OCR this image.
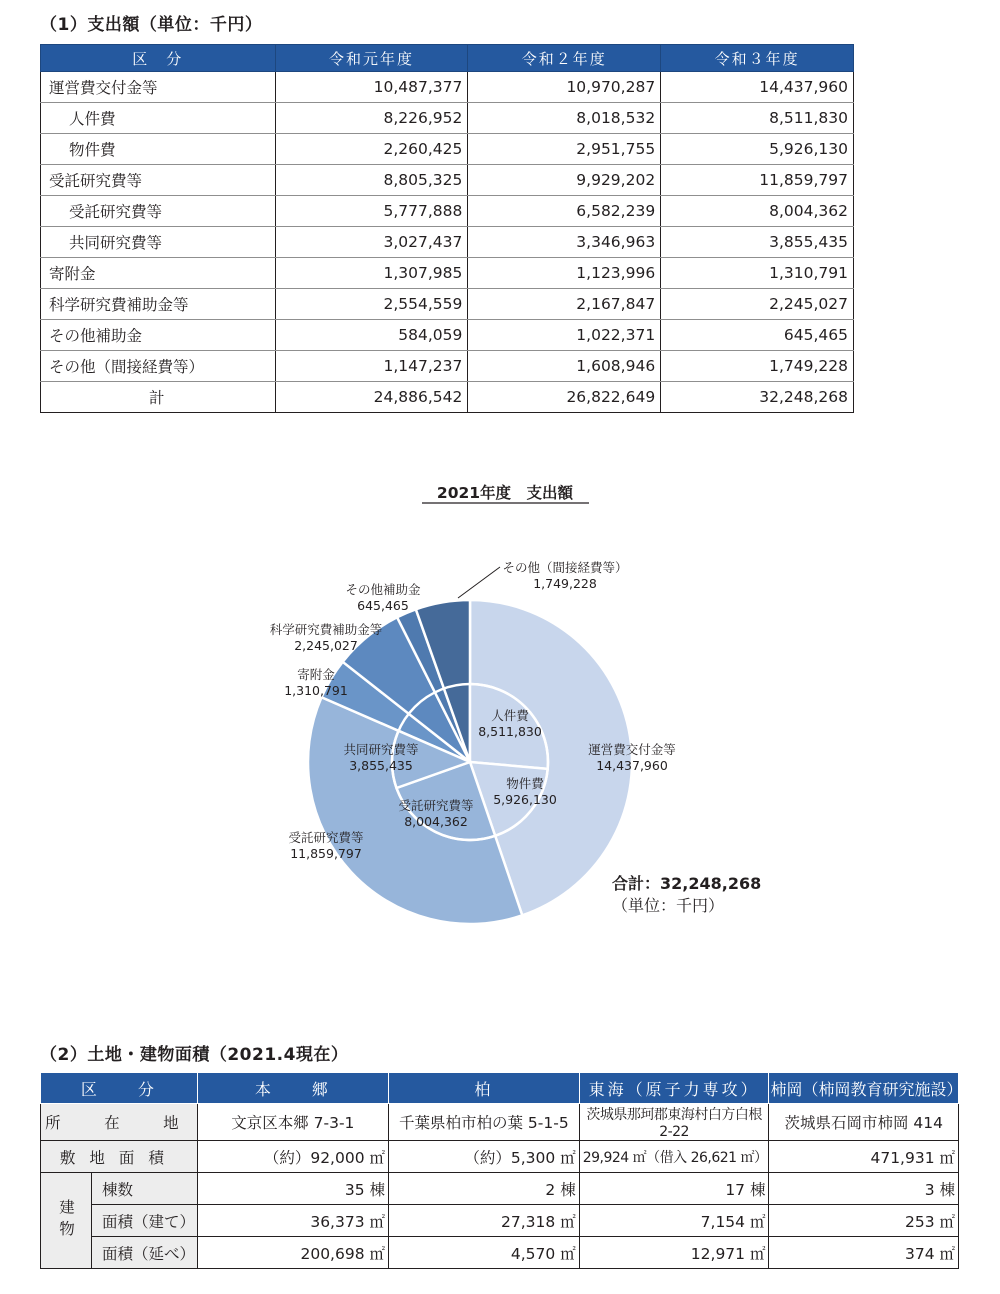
（1）支出額（単位：千円）
区　分	令和元年度	令和２年度	令和３年度
運営費交付金等	10,487,377	10,970,287	14,437,960
人件費	8,226,952	8,018,532	8,511,830
物件費	2,260,425	2,951,755	5,926,130
受託研究費等	8,805,325	9,929,202	11,859,797
受託研究費等	5,777,888	6,582,239	8,004,362
共同研究費等	3,027,437	3,346,963	3,855,435
寄附金	1,307,985	1,123,996	1,310,791
科学研究費補助金等	2,554,559	2,167,847	2,245,027
その他補助金	584,059	1,022,371	645,465
その他（間接経費等）	1,147,237	1,608,946	1,749,228
計	24,886,542	26,822,649	32,248,268
2021年度　支出額
運営費交付金等
14,437,960
受託研究費等
11,859,797
寄附金
1,310,791
科学研究費補助金等
2,245,027
その他補助金
645,465
その他（間接経費等）
1,749,228
人件費
8,511,830
物件費
5,926,130
受託研究費等
8,004,362
共同研究費等
3,855,435
合計：32,248,268
（単位：千円）
（2）土地・建物面積（2021.4現在）
区　　分		本　　郷	柏	東海（原子力専攻）	柿岡（柿岡教育研究施設）
所　在　地		文京区本郷 7-3-1	千葉県柏市柏の葉 5-1-5	茨城県那珂郡東海村白方白根 2-22	茨城県石岡市柿岡 414
敷地面積		（約）92,000 ㎡	（約）5,300 ㎡	29,924 ㎡（借入 26,621 ㎡）	471,931 ㎡
建物	棟数	35 棟	2 棟	17 棟	3 棟
	面積（建て）	36,373 ㎡	27,318 ㎡	7,154 ㎡	253 ㎡
	面積（延べ）	200,698 ㎡	4,570 ㎡	12,971 ㎡	374 ㎡
